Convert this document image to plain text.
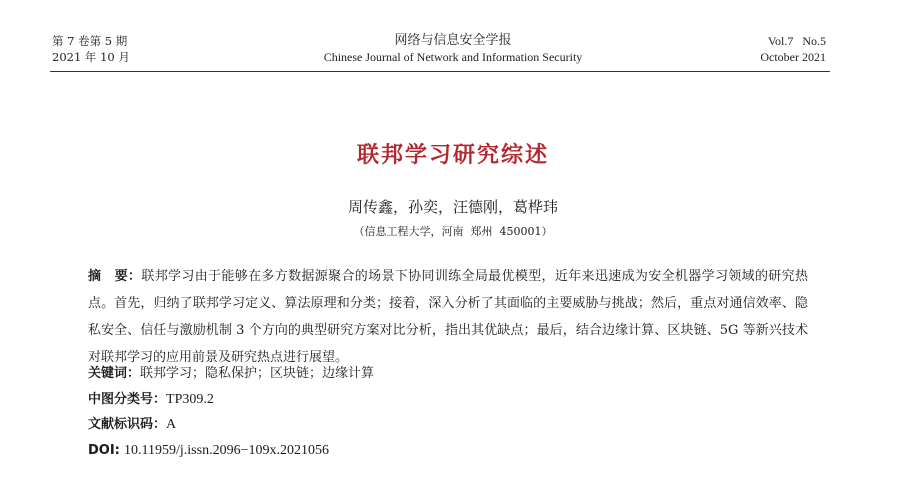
第 7 卷第 5 期
2021 年 10 月
网络与信息安全学报
Chinese Journal of Network and Information Security
Vol.7   No.5
October 2021
联邦学习研究综述
周传鑫，孙奕，汪德刚，葛桦玮
（信息工程大学，河南  郑州  450001）
摘　要：联邦学习由于能够在多方数据源聚合的场景下协同训练全局最优模型，近年来迅速成为安全机器学习领域的研究热点。首先，归纳了联邦学习定义、算法原理和分类；接着，深入分析了其面临的主要威胁与挑战；然后，重点对通信效率、隐私安全、信任与激励机制 3 个方向的典型研究方案对比分析，指出其优缺点；最后，结合边缘计算、区块链、5G 等新兴技术对联邦学习的应用前景及研究热点进行展望。
关键词：联邦学习；隐私保护；区块链；边缘计算
中图分类号：TP309.2
文献标识码：A
DOI: 10.11959/j.issn.2096−109x.2021056
